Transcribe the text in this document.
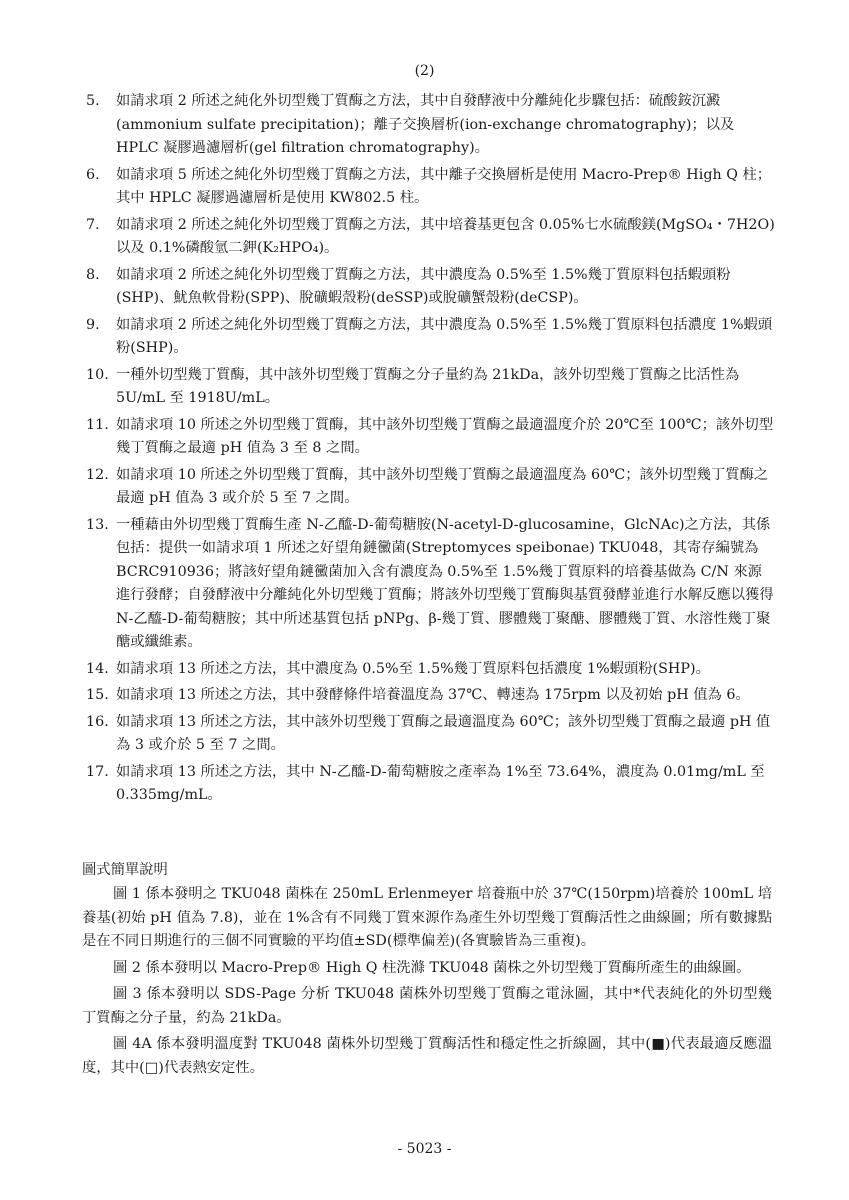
(2)
5. 如請求項 2 所述之純化外切型幾丁質酶之方法，其中自發酵液中分離純化步驟包括：硫酸銨沉澱(ammonium sulfate precipitation)；離子交換層析(ion-exchange chromatography)；以及 HPLC 凝膠過濾層析(gel filtration chromatography)。
6. 如請求項 5 所述之純化外切型幾丁質酶之方法，其中離子交換層析是使用 Macro-Prep® High Q 柱；其中 HPLC 凝膠過濾層析是使用 KW802.5 柱。
7. 如請求項 2 所述之純化外切型幾丁質酶之方法，其中培養基更包含 0.05%七水硫酸鎂(MgSO₄・7H2O)以及 0.1%磷酸氫二鉀(K₂HPO₄)。
8. 如請求項 2 所述之純化外切型幾丁質酶之方法，其中濃度為 0.5%至 1.5%幾丁質原料包括蝦頭粉(SHP)、魷魚軟骨粉(SPP)、脫礦蝦殼粉(deSSP)或脫礦蟹殼粉(deCSP)。
9. 如請求項 2 所述之純化外切型幾丁質酶之方法，其中濃度為 0.5%至 1.5%幾丁質原料包括濃度 1%蝦頭粉(SHP)。
10. 一種外切型幾丁質酶，其中該外切型幾丁質酶之分子量約為 21kDa，該外切型幾丁質酶之比活性為 5U/mL 至 1918U/mL。
11. 如請求項 10 所述之外切型幾丁質酶，其中該外切型幾丁質酶之最適溫度介於 20℃至 100℃；該外切型幾丁質酶之最適 pH 值為 3 至 8 之間。
12. 如請求項 10 所述之外切型幾丁質酶，其中該外切型幾丁質酶之最適溫度為 60℃；該外切型幾丁質酶之最適 pH 值為 3 或介於 5 至 7 之間。
13. 一種藉由外切型幾丁質酶生產 N-乙醯-D-葡萄糖胺(N-acetyl-D-glucosamine，GlcNAc)之方法，其係包括：提供一如請求項 1 所述之好望角鏈黴菌(Streptomyces speibonae) TKU048，其寄存編號為 BCRC910936；將該好望角鏈黴菌加入含有濃度為 0.5%至 1.5%幾丁質原料的培養基做為 C/N 來源進行發酵；自發酵液中分離純化外切型幾丁質酶；將該外切型幾丁質酶與基質發酵並進行水解反應以獲得 N-乙醯-D-葡萄糖胺；其中所述基質包括 pNPg、β-幾丁質、膠體幾丁聚醣、膠體幾丁質、水溶性幾丁聚醣或纖維素。
14. 如請求項 13 所述之方法，其中濃度為 0.5%至 1.5%幾丁質原料包括濃度 1%蝦頭粉(SHP)。
15. 如請求項 13 所述之方法，其中發酵條件培養溫度為 37℃、轉速為 175rpm 以及初始 pH 值為 6。
16. 如請求項 13 所述之方法，其中該外切型幾丁質酶之最適溫度為 60℃；該外切型幾丁質酶之最適 pH 值為 3 或介於 5 至 7 之間。
17. 如請求項 13 所述之方法，其中 N-乙醯-D-葡萄糖胺之產率為 1%至 73.64%，濃度為 0.01mg/mL 至 0.335mg/mL。
圖式簡單說明

圖 1 係本發明之 TKU048 菌株在 250mL Erlenmeyer 培養瓶中於 37℃(150rpm)培養於 100mL 培養基(初始 pH 值為 7.8)，並在 1%含有不同幾丁質來源作為產生外切型幾丁質酶活性之曲線圖；所有數據點是在不同日期進行的三個不同實驗的平均值±SD(標準偏差)(各實驗皆為三重複)。

圖 2 係本發明以 Macro-Prep® High Q 柱洗滌 TKU048 菌株之外切型幾丁質酶所產生的曲線圖。

圖 3 係本發明以 SDS-Page 分析 TKU048 菌株外切型幾丁質酶之電泳圖，其中*代表純化的外切型幾丁質酶之分子量，約為 21kDa。

圖 4A 係本發明溫度對 TKU048 菌株外切型幾丁質酶活性和穩定性之折線圖，其中(■)代表最適反應溫度，其中(□)代表熱安定性。

- 5023 -
